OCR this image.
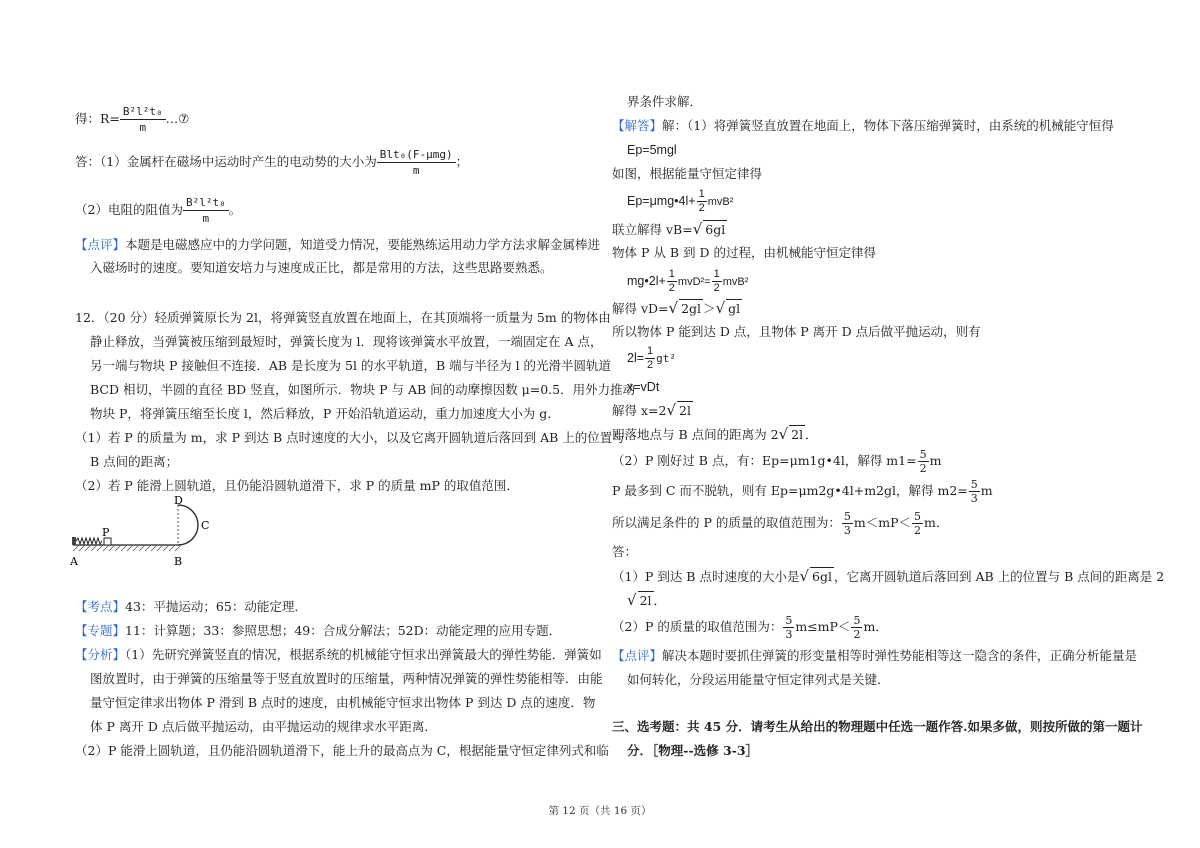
得：$R= \frac{\text{B²l²t₀}}{m}$ …⑦
答：（1）金属杆在磁场中运动时产生的电动势的大小为 Blt₀(F-μmg)
m
；
（2）电阻的阻值为 $\frac{\text{B²l²t₀}}{m}$ 。
【点评】本题是电磁感应中的力学问题，知道受力情况，要能熟练运用动力学方法求解金属棒进
入磁场时的速度。要知道安培力与速度成正比，都是常用的方法，这些思路要熟悉。
12．（20 分）轻质弹簧原长为 2l，将弹簧竖直放置在地面上，在其顶端将一质量为 5m 的物体由
静止释放，当弹簧被压缩到最短时，弹簧长度为 l．现将该弹簧水平放置，一端固定在 A 点，
另一端与物块 P 接触但不连接．AB 是长度为 5l 的水平轨道，B 端与半径为 l 的光滑半圆轨道
BCD 相切，半圆的直径 BD 竖直，如图所示．物块 P 与 AB 间的动摩擦因数 μ=0.5．用外力推动
物块 P，将弹簧压缩至长度 l，然后释放，P 开始沿轨道运动，重力加速度大小为 g．
（1）若 P 的质量为 m，求 P 到达 B 点时速度的大小，以及它离开圆轨道后落回到 AB 上的位置与
B 点间的距离；
（2）若 P 能滑上圆轨道，且仍能沿圆轨道滑下，求 P 的质量 mP 的取值范围．
D
C
P
A	B
【考点】43：平抛运动；65：动能定理．
【专题】11：计算题；33：参照思想；49：合成分解法；52D：动能定理的应用专题．
【分析】（1）先研究弹簧竖直的情况，根据系统的机械能守恒求出弹簧最大的弹性势能．弹簧如
图放置时，由于弹簧的压缩量等于竖直放置时的压缩量，两种情况弹簧的弹性势能相等．由能
量守恒定律求出物体 P 滑到 B 点时的速度，由机械能守恒求出物体 P 到达 D 点的速度．物
体 P 离开 D 点后做平抛运动，由平抛运动的规律求水平距离．
（2）P 能滑上圆轨道，且仍能沿圆轨道滑下，能上升的最高点为 C，根据能量守恒定律列式和临
界条件求解．
【解答】解：（1）将弹簧竖直放置在地面上，物体下落压缩弹簧时，由系统的机械能守恒得
Ep=5mgl
如图，根据能量守恒定律得
Ep=μmg•4l+ $\frac{1}{2} mvB^2$
联立解得 vB=√ 6gl
物体 P 从 B 到 D 的过程，由机械能守恒定律得
mg•2l+ $\frac{1}{2} mvD^2= \frac{1}{2} mvB^2$
解得 vD=√ 2gl ＞√ gl
所以物体 P 能到达 D 点，且物体 P 离开 D 点后做平抛运动，则有
$2l= \frac{1}{2} gt^2$
x=vDt
解得 x=2√ 2l
即落地点与 B 点间的距离为 2√ 2l ．
（2）P 刚好过 B 点，有：Ep=μm1g•4l，解得 $m1= \frac{5}{2}$ m
P 最多到 C 而不脱轨，则有 Ep=μm2g•4l+m2gl，解得 $m2= \frac{5}{3}$ m
所以满足条件的 P 的质量的取值范围为： $\frac{5}{3} m<mP< \frac{5}{2}$ m．
答：
（1）P 到达 B 点时速度的大小是√ 6gl ，它离开圆轨道后落回到 AB 上的位置与 B 点间的距离是 2
√ 2l ．
（2）P 的质量的取值范围为： $\frac{5}{3} m\le mP< \frac{5}{2}$ m．
【点评】解决本题时要抓住弹簧的形变量相等时弹性势能相等这一隐含的条件，正确分析能量是
如何转化，分段运用能量守恒定律列式是关键．
三、选考题：共 45 分．请考生从给出的物理题中任选一题作答.如果多做，则按所做的第一题计
分．［物理--选修 3-3］
第 12 页（共 16 页）
